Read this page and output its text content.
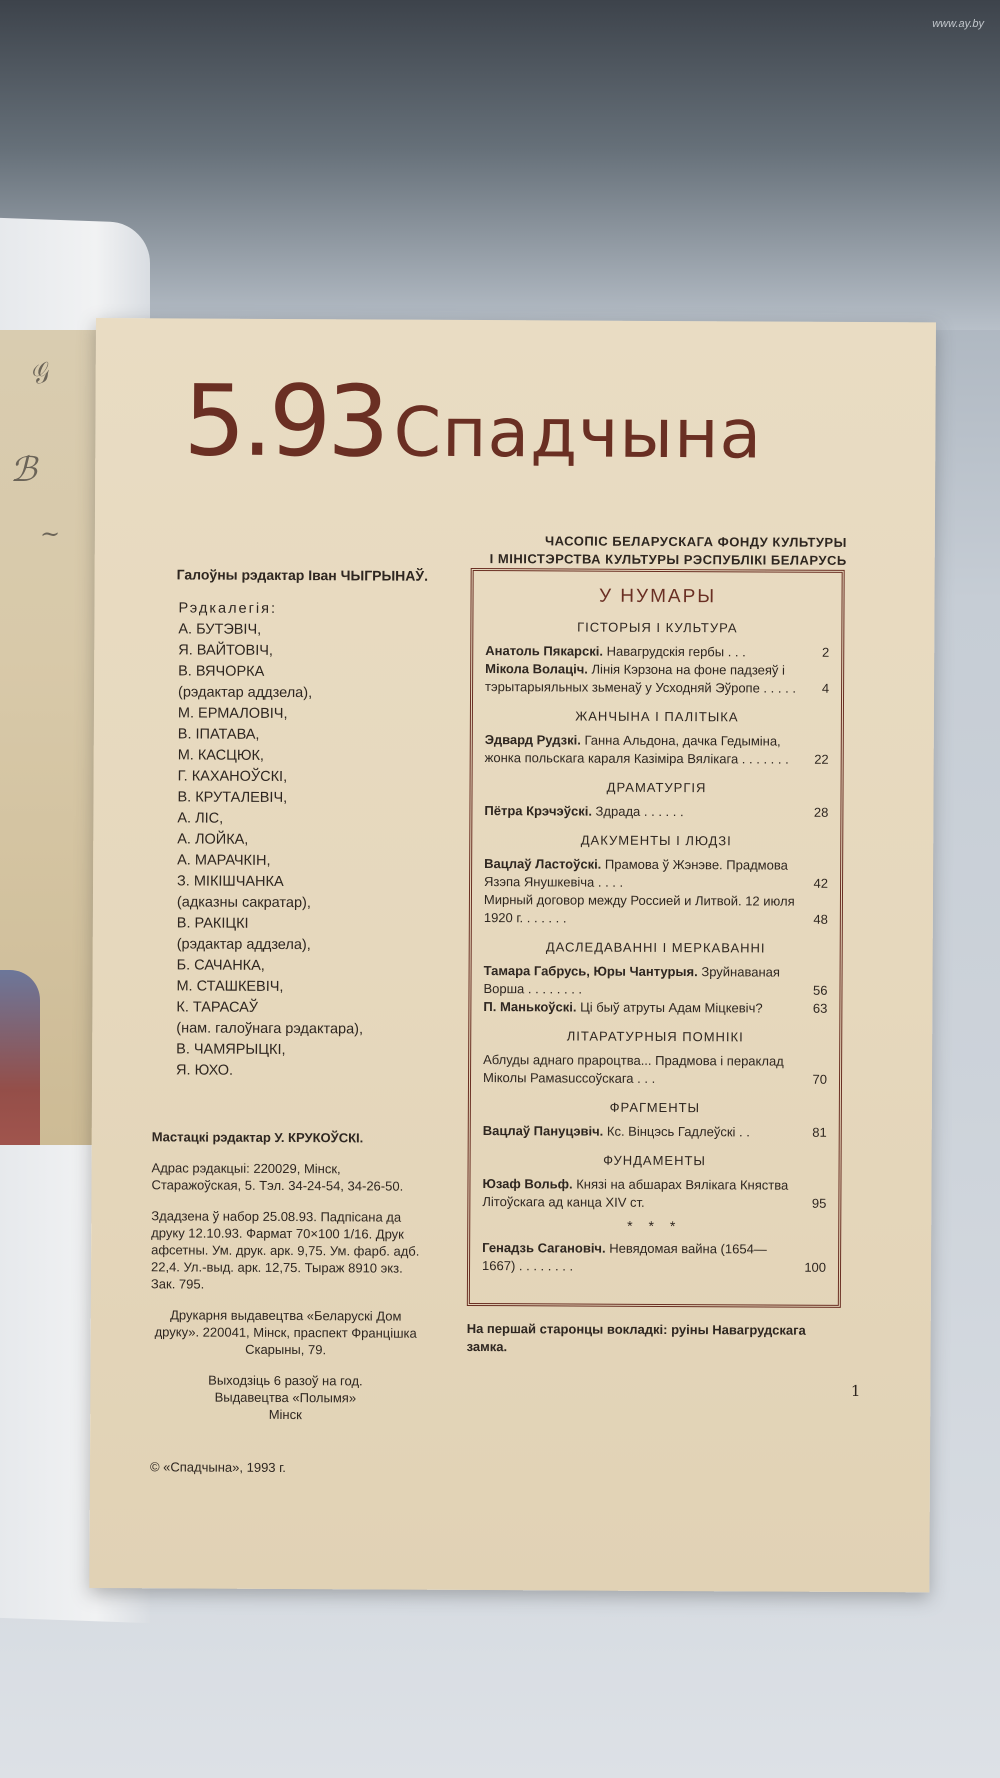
www.ay.by
𝒢
ℬ
~
5.93 Спадчына
ЧАСОПІС БЕЛАРУСКАГА ФОНДУ КУЛЬТУРЫ
І МІНІСТЭРСТВА КУЛЬТУРЫ РЭСПУБЛІКІ БЕЛАРУСЬ
Галоўны рэдактар Іван ЧЫГРЫНАЎ.
Рэдкалегія:
А. БУТЭВІЧ,
Я. ВАЙТОВІЧ,
В. ВЯЧОРКА
(рэдактар аддзела),
М. ЕРМАЛОВІЧ,
В. ІПАТАВА,
М. КАСЦЮК,
Г. КАХАНОЎСКІ,
В. КРУТАЛЕВІЧ,
А. ЛІС,
А. ЛОЙКА,
А. МАРАЧКІН,
З. МІКІШЧАНКА
(адказны сакратар),
В. РАКІЦКІ
(рэдактар аддзела),
Б. САЧАНКА,
М. СТАШКЕВІЧ,
К. ТАРАСАЎ
(нам. галоўнага рэдактара),
В. ЧАМЯРЫЦКІ,
Я. ЮХО.
У НУМАРЫ
ГІСТОРЫЯ І КУЛЬТУРА
Анатоль Пякарскі. Навагрудскія гербы . . .	2
Мікола Волаціч. Лінія Кэрзона на фоне падзеяў і тэрытарыяльных зьменаў у Усходняй Эўропе . . . . .	4
ЖАНЧЫНА І ПАЛІТЫКА
Эдвард Рудзкі. Ганна Альдона, дачка Гедыміна, жонка польскага караля Казіміра Вялікага . . . . . . .	22
ДРАМАТУРГІЯ
Пётра Крэчэўскі. Здрада . . . . . .	28
ДАКУМЕНТЫ І ЛЮДЗІ
Вацлаў Ластоўскі. Прамова ў Жэнэве. Прадмова Язэпа Янушкевіча . . . .	42
Мирный договор между Россией и Литвой. 12 июля 1920 г. . . . . . .	48
ДАСЛЕДАВАННІ І МЕРКАВАННІ
Тамара Габрусь, Юры Чантурыя. Зруйнаваная Ворша . . . . . . . .	56
П. Манькоўскі. Ці быў атруты Адам Міцкевіч?	63
ЛІТАРАТУРНЫЯ ПОМНІКІ
Аблуды аднаго прароцтва... Прадмова і пераклад Міколы Рамаsuccоўскага . . .	70
ФРАГМЕНТЫ
Вацлаў Пануцэвіч. Кс. Вінцэсь Гадлеўскі . .	81
ФУНДАМЕНТЫ
Юзаф Вольф. Князі на абшарах Вялікага Княства Літоўскага ад канца XIV ст.	95
* * *
Генадзь Сагановіч. Невядомая вайна (1654—1667) . . . . . . . .	100

Мастацкі рэдактар У. КРУКОЎСКІ.

Адрас рэдакцыі: 220029, Мінск, Старажоўская, 5. Тэл. 34-24-54, 34-26-50.

Здадзена ў набор 25.08.93. Падпісана да друку 12.10.93. Фармат 70×100 1/16. Друк афсетны. Ум. друк. арк. 9,75. Ум. фарб. адб. 22,4. Ул.-выд. арк. 12,75. Тыраж 8910 экз. Зак. 795.

Друкарня выдавецтва «Беларускі Дом друку». 220041, Мінск, праспект Францішка Скарыны, 79.

Выходзіць 6 разоў на год.

Выдавецтва «Полымя»

Мінск

© «Спадчына», 1993 г.
На першай старонцы вокладкі: руіны Навагрудскага замка.
1
